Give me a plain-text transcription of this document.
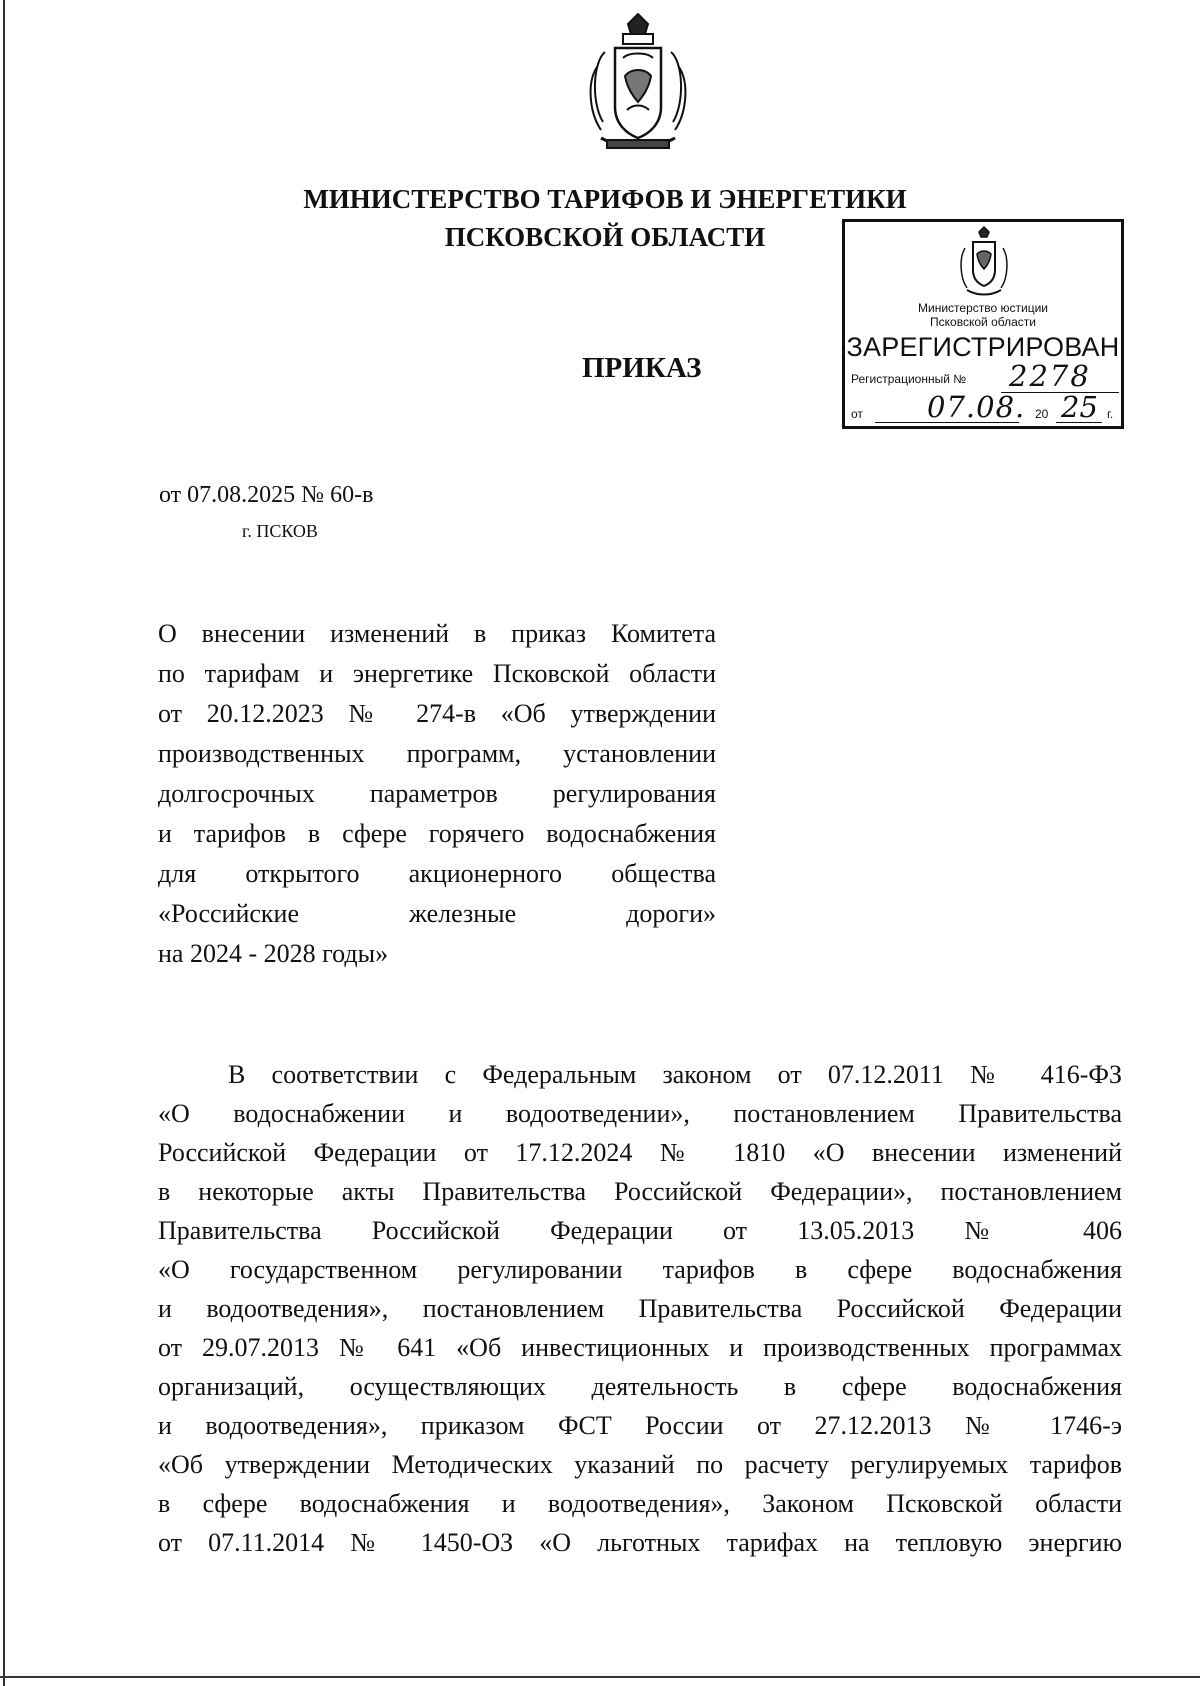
МИНИСТЕРСТВО ТАРИФОВ И ЭНЕРГЕТИКИ
ПСКОВСКОЙ ОБЛАСТИ
Министерство юстиции
Псковской области
ЗАРЕГИСТРИРОВАН
Регистрационный № 2278
от 07.08. 20 25 г.
ПРИКАЗ
от 07.08.2025 № 60-в
г. ПСКОВ
О внесении изменений в приказ Комитета
по тарифам и энергетике Псковской области
от 20.12.2023 № 274-в «Об утверждении
производственных программ, установлении
долгосрочных параметров регулирования
и тарифов в сфере горячего водоснабжения
для открытого акционерного общества
«Российские железные дороги»
на 2024 - 2028 годы»
В соответствии с Федеральным законом от 07.12.2011 № 416-ФЗ
«О водоснабжении и водоотведении», постановлением Правительства
Российской Федерации от 17.12.2024 № 1810 «О внесении изменений
в некоторые акты Правительства Российской Федерации», постановлением
Правительства Российской Федерации от 13.05.2013 № 406
«О государственном регулировании тарифов в сфере водоснабжения
и водоотведения», постановлением Правительства Российской Федерации
от 29.07.2013 № 641 «Об инвестиционных и производственных программах
организаций, осуществляющих деятельность в сфере водоснабжения
и водоотведения», приказом ФСТ России от 27.12.2013 № 1746-э
«Об утверждении Методических указаний по расчету регулируемых тарифов
в сфере водоснабжения и водоотведения», Законом Псковской области
от 07.11.2014 № 1450-ОЗ «О льготных тарифах на тепловую энергию
